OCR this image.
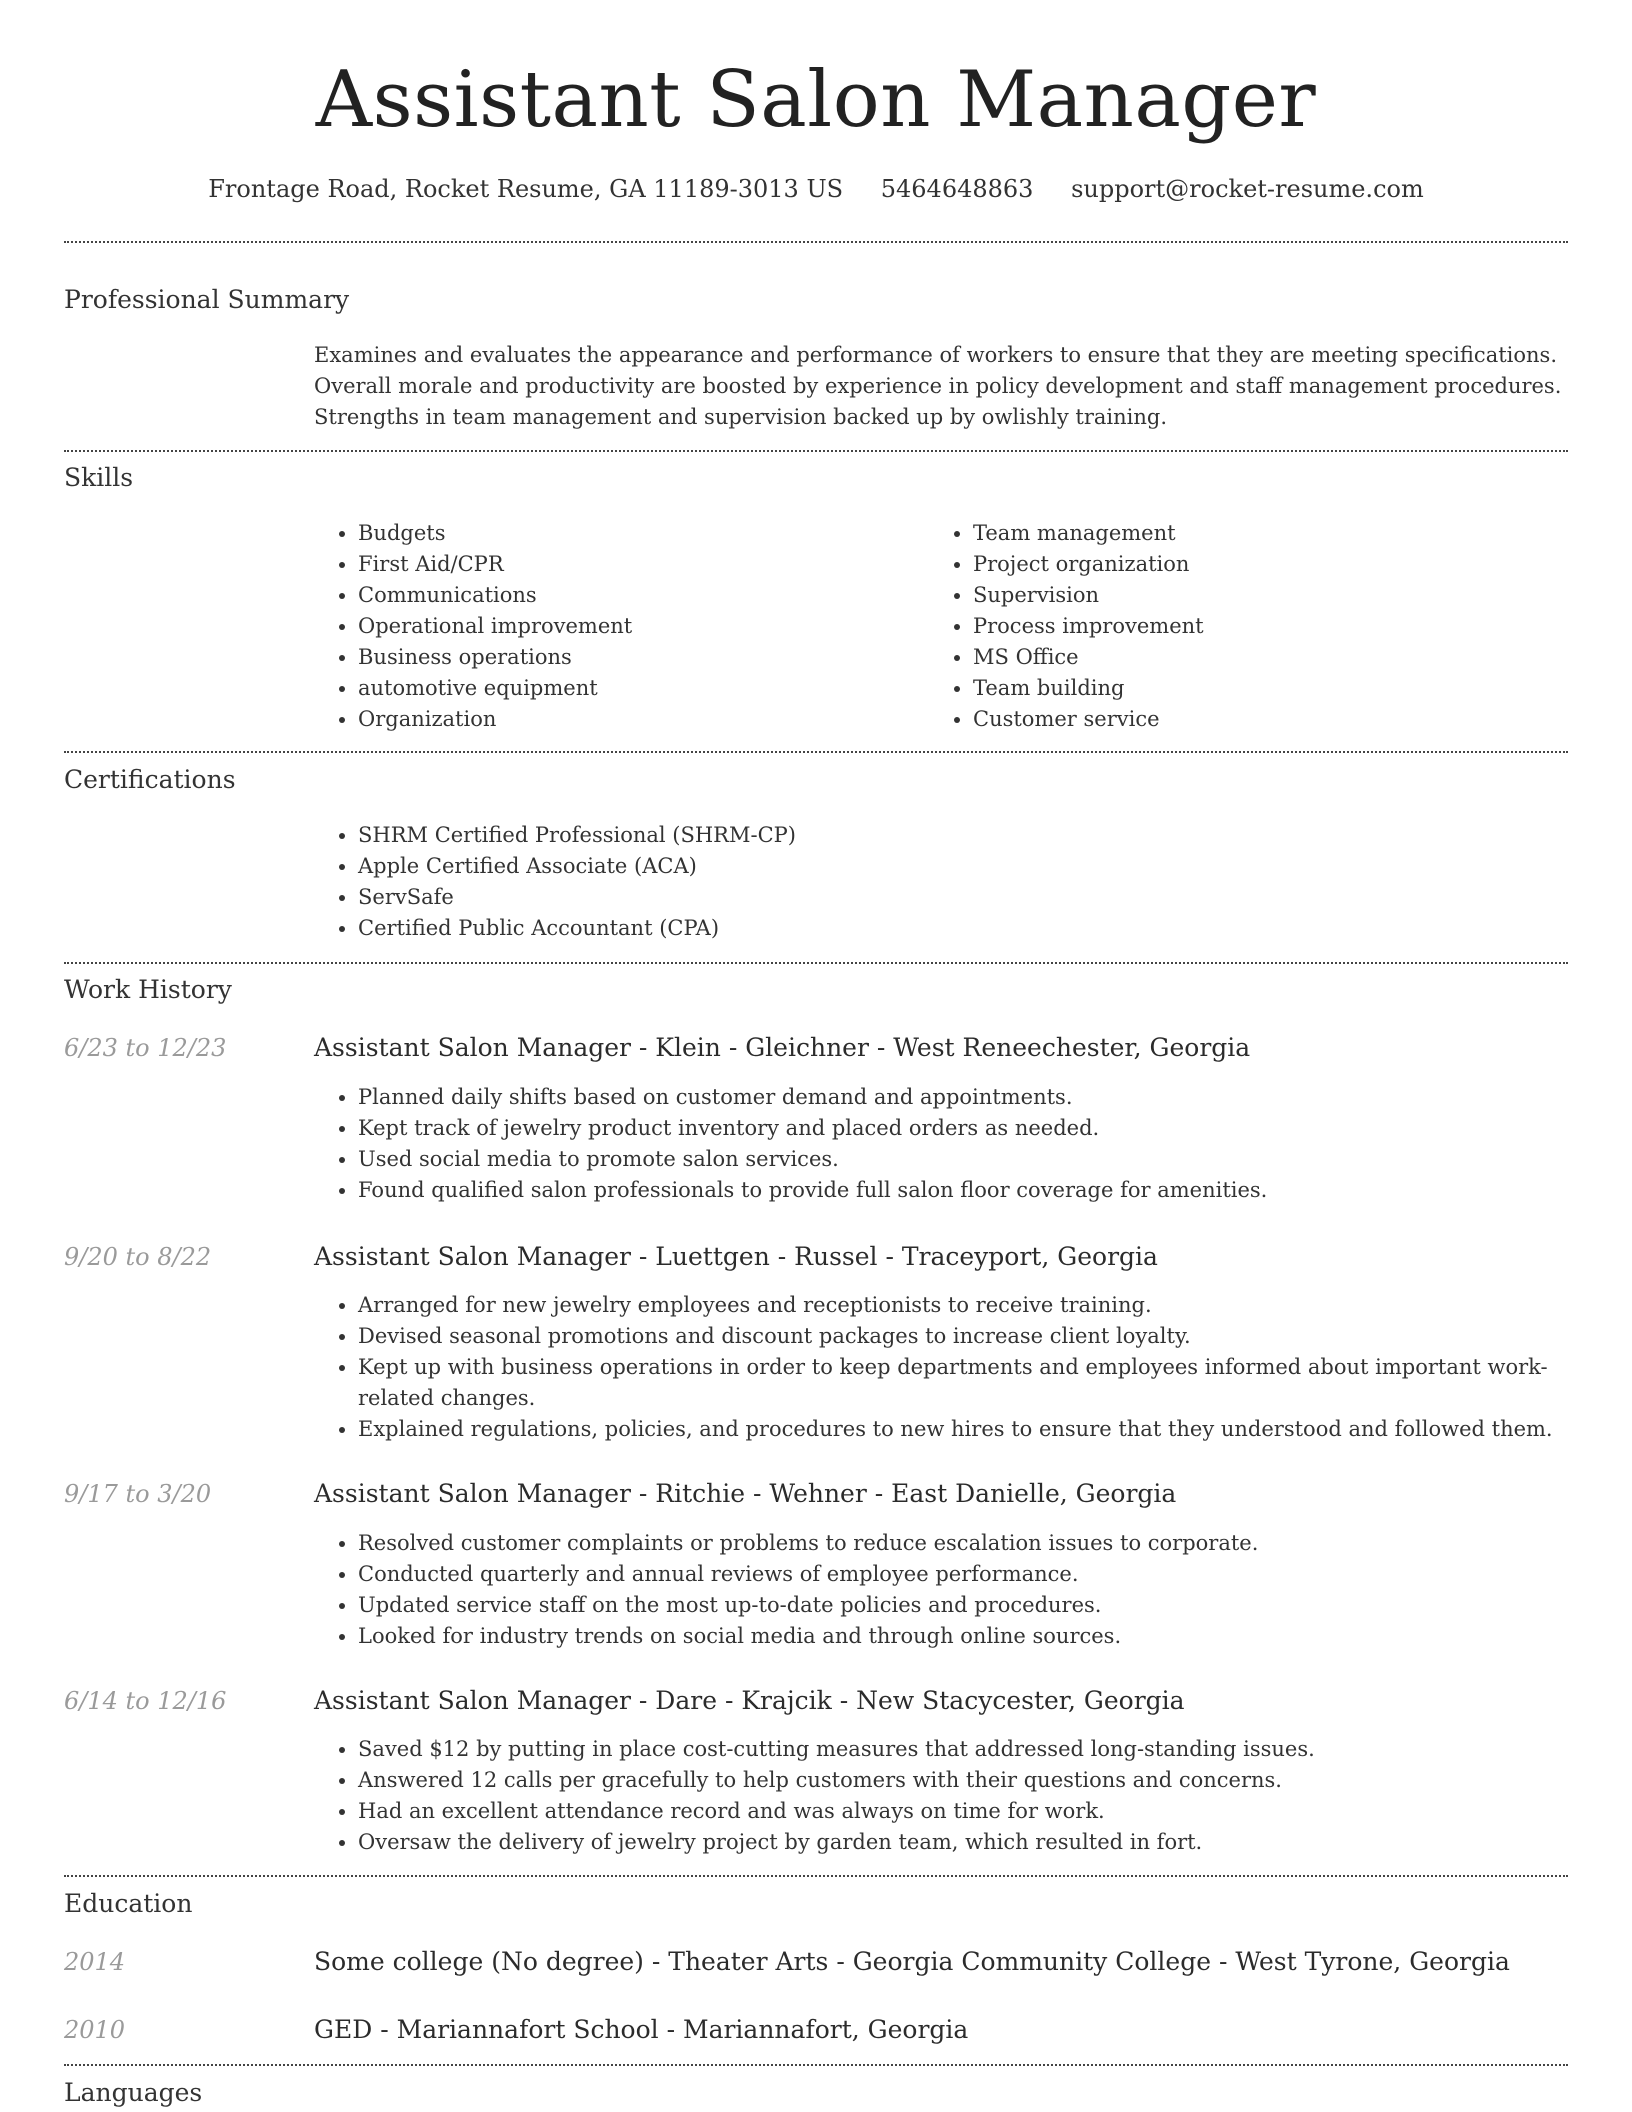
Assistant Salon Manager
Frontage Road, Rocket Resume, GA 11189-3013 US 5464648863 support@rocket-resume.com
Professional Summary
Examines and evaluates the appearance and performance of workers to ensure that they are meeting specifications. Overall morale and productivity are boosted by experience in policy development and staff management procedures. Strengths in team management and supervision backed up by owlishly training.
Skills
• Budgets
• First Aid/CPR
• Communications
• Operational improvement
• Business operations
• automotive equipment
• Organization
• Team management
• Project organization
• Supervision
• Process improvement
• MS Office
• Team building
• Customer service
Certifications
• SHRM Certified Professional (SHRM-CP)
• Apple Certified Associate (ACA)
• ServSafe
• Certified Public Accountant (CPA)
Work History
6/23 to 12/23	Assistant Salon Manager - Klein - Gleichner - West Reneechester, Georgia
• Planned daily shifts based on customer demand and appointments.
• Kept track of jewelry product inventory and placed orders as needed.
• Used social media to promote salon services.
• Found qualified salon professionals to provide full salon floor coverage for amenities.
9/20 to 8/22	Assistant Salon Manager - Luettgen - Russel - Traceyport, Georgia
• Arranged for new jewelry employees and receptionists to receive training.
• Devised seasonal promotions and discount packages to increase client loyalty.
• Kept up with business operations in order to keep departments and employees informed about important work-related changes.
• Explained regulations, policies, and procedures to new hires to ensure that they understood and followed them.
9/17 to 3/20	Assistant Salon Manager - Ritchie - Wehner - East Danielle, Georgia
• Resolved customer complaints or problems to reduce escalation issues to corporate.
• Conducted quarterly and annual reviews of employee performance.
• Updated service staff on the most up-to-date policies and procedures.
• Looked for industry trends on social media and through online sources.
6/14 to 12/16	Assistant Salon Manager - Dare - Krajcik - New Stacycester, Georgia
• Saved $12 by putting in place cost-cutting measures that addressed long-standing issues.
• Answered 12 calls per gracefully to help customers with their questions and concerns.
• Had an excellent attendance record and was always on time for work.
• Oversaw the delivery of jewelry project by garden team, which resulted in fort.
Education
2014	Some college (No degree) - Theater Arts - Georgia Community College - West Tyrone, Georgia
2010	GED - Mariannafort School - Mariannafort, Georgia
Languages
